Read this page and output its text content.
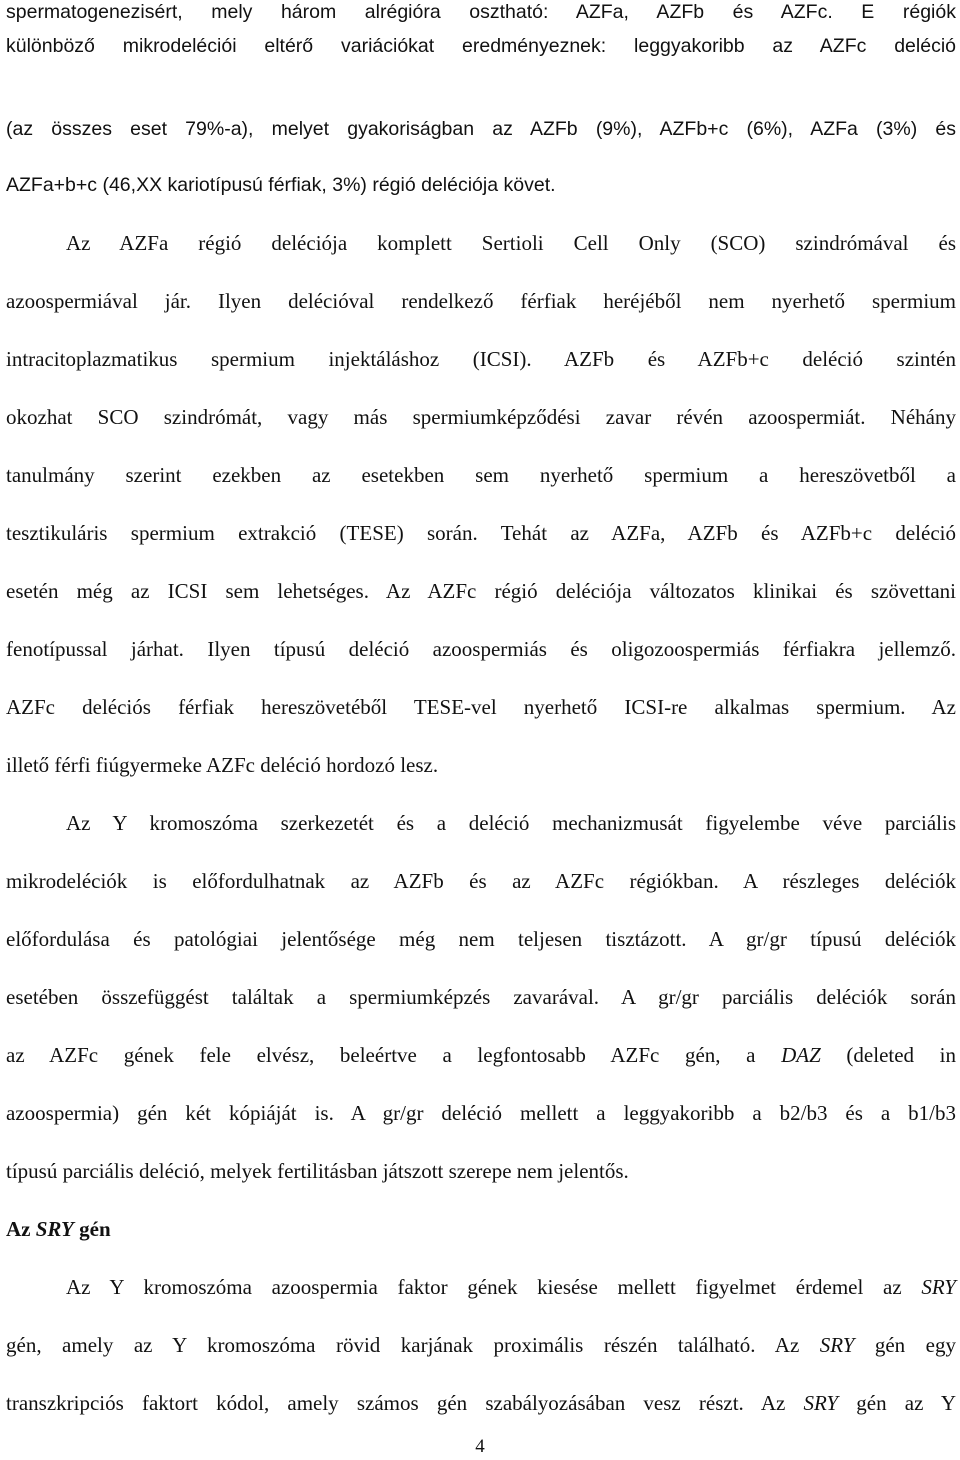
spermatogenezisért, mely három alrégióra osztható: AZFa, AZFb és AZFc. E régiók
különböző mikrodeléciói eltérő variációkat eredményeznek: leggyakoribb az AZFc deléció
(az összes eset 79%-a), melyet gyakoriságban az AZFb (9%), AZFb+c (6%), AZFa (3%) és
AZFa+b+c (46,XX kariotípusú férfiak, 3%) régió deléciója követ.
Az AZFa régió deléciója komplett Sertioli Cell Only (SCO) szindrómával és
azoospermiával jár. Ilyen delécióval rendelkező férfiak heréjéből nem nyerhető spermium
intracitoplazmatikus spermium injektáláshoz (ICSI). AZFb és AZFb+c deléció szintén
okozhat SCO szindrómát, vagy más spermiumképződési zavar révén azoospermiát. Néhány
tanulmány szerint ezekben az esetekben sem nyerhető spermium a hereszövetből a
tesztikuláris spermium extrakció (TESE) során. Tehát az AZFa, AZFb és AZFb+c deléció
esetén még az ICSI sem lehetséges. Az AZFc régió deléciója változatos klinikai és szövettani
fenotípussal járhat. Ilyen típusú deléció azoospermiás és oligozoospermiás férfiakra jellemző.
AZFc deléciós férfiak hereszövetéből TESE-vel nyerhető ICSI-re alkalmas spermium. Az
illető férfi fiúgyermeke AZFc deléció hordozó lesz.
Az Y kromoszóma szerkezetét és a deléció mechanizmusát figyelembe véve parciális
mikrodeléciók is előfordulhatnak az AZFb és az AZFc régiókban. A részleges deléciók
előfordulása és patológiai jelentősége még nem teljesen tisztázott. A gr/gr típusú deléciók
esetében összefüggést találtak a spermiumképzés zavarával. A gr/gr parciális deléciók során
az AZFc gének fele elvész, beleértve a legfontosabb AZFc gén, a DAZ (deleted in
azoospermia) gén két kópiáját is. A gr/gr deléció mellett a leggyakoribb a b2/b3 és a b1/b3
típusú parciális deléció, melyek fertilitásban játszott szerepe nem jelentős.
Az SRY gén
Az Y kromoszóma azoospermia faktor gének kiesése mellett figyelmet érdemel az SRY
gén, amely az Y kromoszóma rövid karjának proximális részén található. Az SRY gén egy
transzkripciós faktort kódol, amely számos gén szabályozásában vesz részt. Az SRY gén az Y
4
